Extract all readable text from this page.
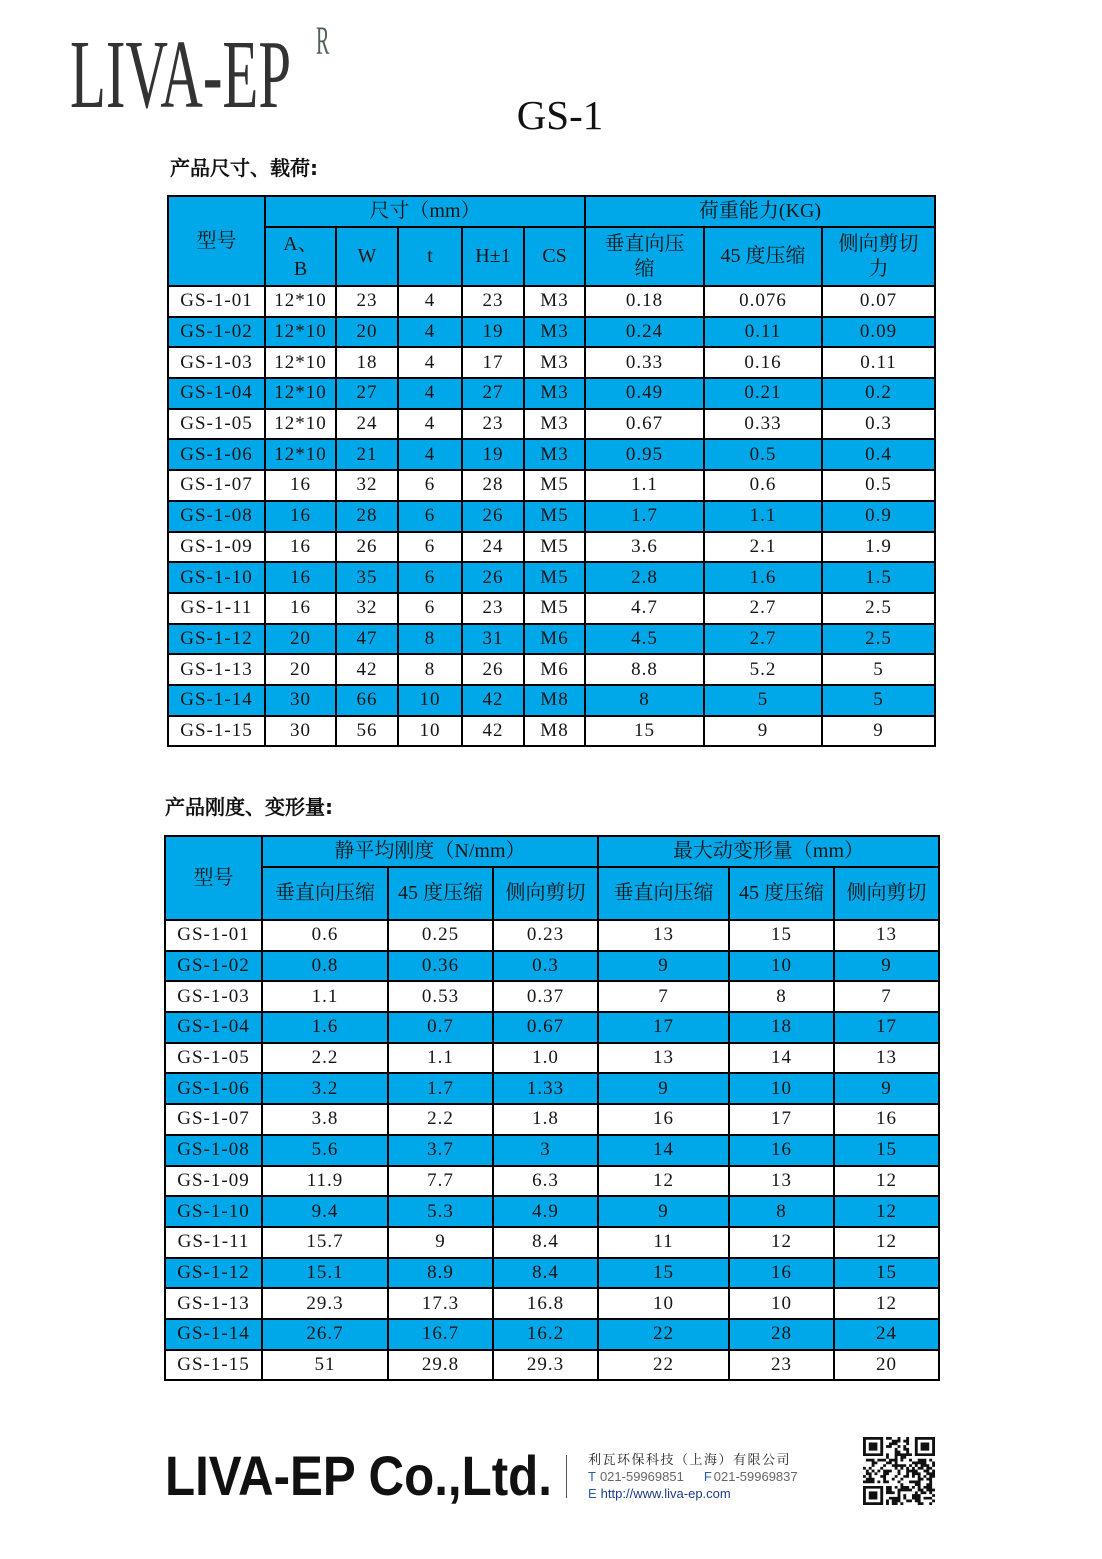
LIVA-EP R
GS-1
产品尺寸、载荷:
型号	尺寸（mm）					荷重能力(KG)		
	A、B	W	t	H±1	CS	垂直向压缩	45 度压缩	侧向剪切力
GS-1-01	12*10	23	4	23	M3	0.18	0.076	0.07
GS-1-02	12*10	20	4	19	M3	0.24	0.11	0.09
GS-1-03	12*10	18	4	17	M3	0.33	0.16	0.11
GS-1-04	12*10	27	4	27	M3	0.49	0.21	0.2
GS-1-05	12*10	24	4	23	M3	0.67	0.33	0.3
GS-1-06	12*10	21	4	19	M3	0.95	0.5	0.4
GS-1-07	16	32	6	28	M5	1.1	0.6	0.5
GS-1-08	16	28	6	26	M5	1.7	1.1	0.9
GS-1-09	16	26	6	24	M5	3.6	2.1	1.9
GS-1-10	16	35	6	26	M5	2.8	1.6	1.5
GS-1-11	16	32	6	23	M5	4.7	2.7	2.5
GS-1-12	20	47	8	31	M6	4.5	2.7	2.5
GS-1-13	20	42	8	26	M6	8.8	5.2	5
GS-1-14	30	66	10	42	M8	8	5	5
GS-1-15	30	56	10	42	M8	15	9	9
产品刚度、变形量:
型号	静平均刚度（N/mm）			最大动变形量（mm）		
	垂直向压缩	45 度压缩	侧向剪切	垂直向压缩	45 度压缩	侧向剪切
GS-1-01	0.6	0.25	0.23	13	15	13
GS-1-02	0.8	0.36	0.3	9	10	9
GS-1-03	1.1	0.53	0.37	7	8	7
GS-1-04	1.6	0.7	0.67	17	18	17
GS-1-05	2.2	1.1	1.0	13	14	13
GS-1-06	3.2	1.7	1.33	9	10	9
GS-1-07	3.8	2.2	1.8	16	17	16
GS-1-08	5.6	3.7	3	14	16	15
GS-1-09	11.9	7.7	6.3	12	13	12
GS-1-10	9.4	5.3	4.9	9	8	12
GS-1-11	15.7	9	8.4	11	12	12
GS-1-12	15.1	8.9	8.4	15	16	15
GS-1-13	29.3	17.3	16.8	10	10	12
GS-1-14	26.7	16.7	16.2	22	28	24
GS-1-15	51	29.8	29.3	22	23	20
LIVA-EP Co.,Ltd.	利瓦环保科技（上海）有限公司
T 021-59969851 F 021-59969837
E http://www.liva-ep.com
